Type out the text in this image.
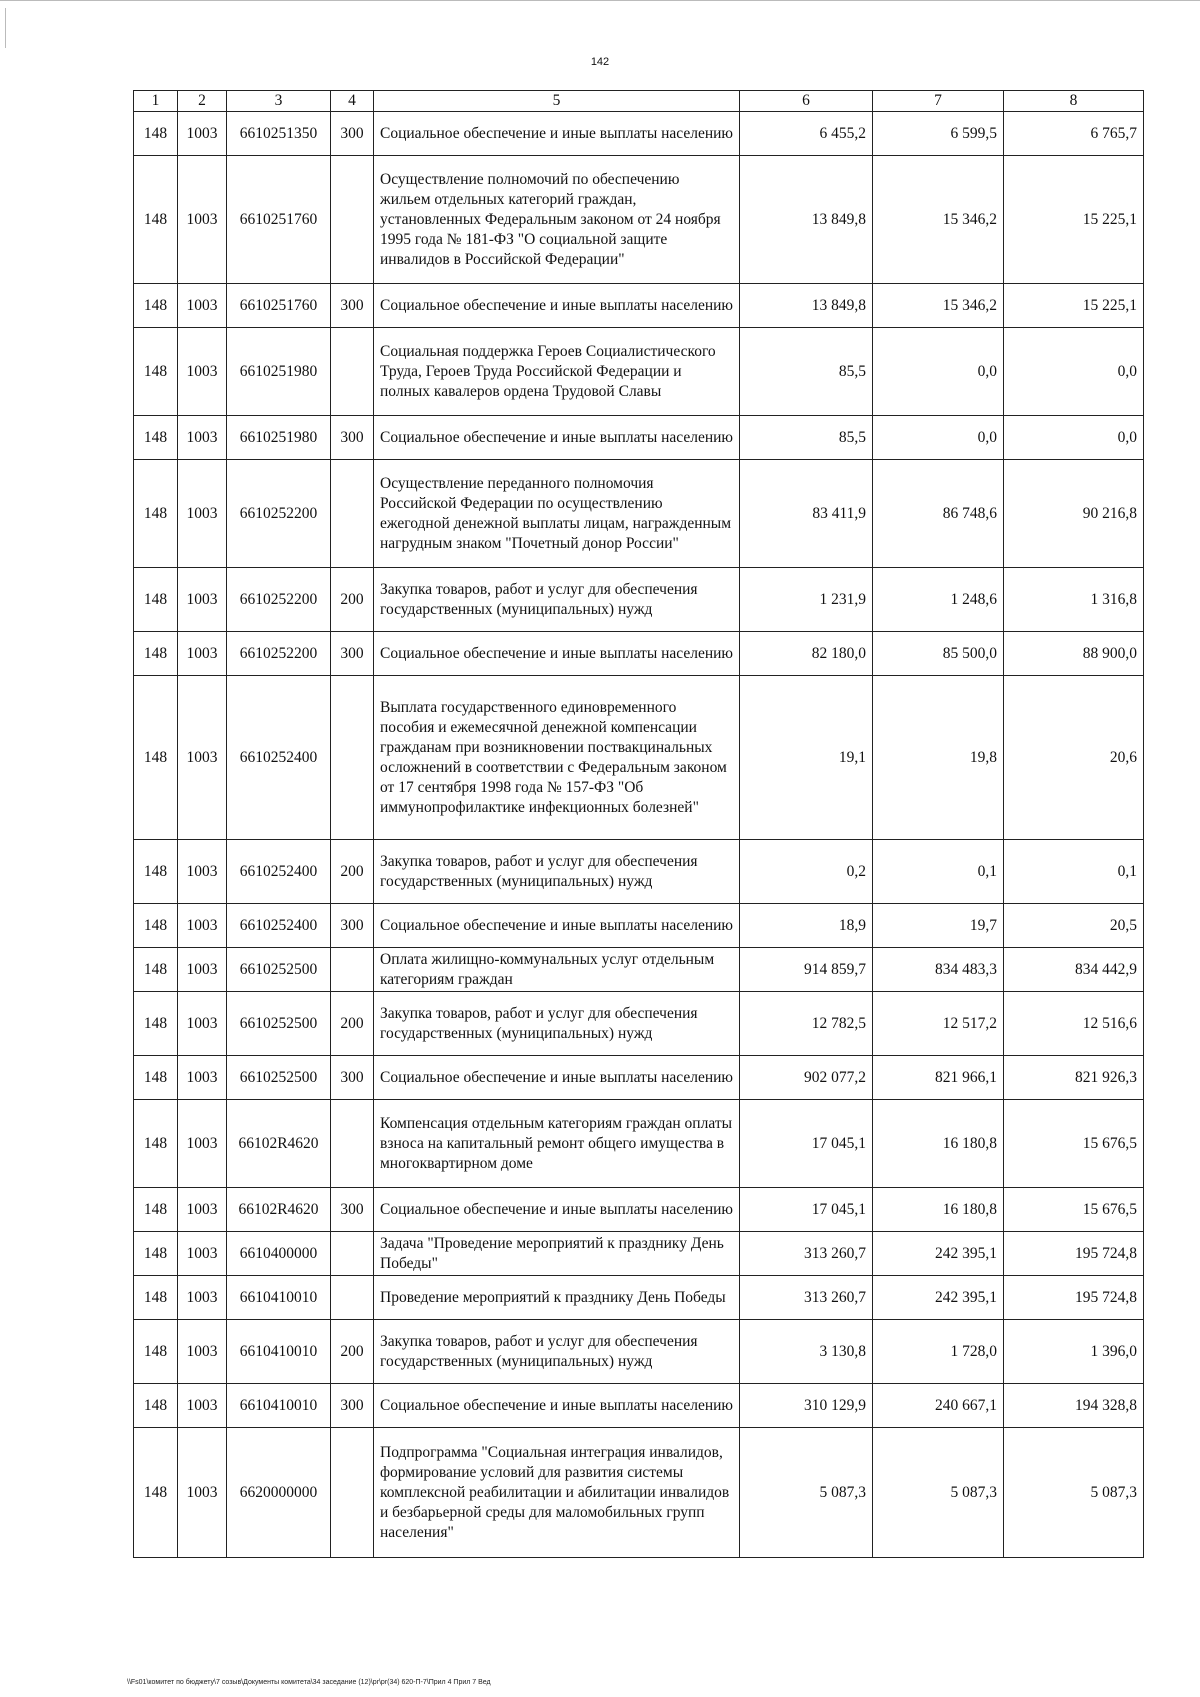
142
1	2	3	4	5	6	7	8
148	1003	6610251350	300	Социальное обеспечение и иные выплаты населению	6 455,2	6 599,5	6 765,7
148	1003	6610251760		Осуществление полномочий по обеспечению жильем отдельных категорий граждан, установленных Федеральным законом от 24 ноября 1995 года № 181-ФЗ "О социальной защите инвалидов в Российской Федерации"	13 849,8	15 346,2	15 225,1
148	1003	6610251760	300	Социальное обеспечение и иные выплаты населению	13 849,8	15 346,2	15 225,1
148	1003	6610251980		Социальная поддержка Героев Социалистического Труда, Героев Труда Российской Федерации и полных кавалеров ордена Трудовой Славы	85,5	0,0	0,0
148	1003	6610251980	300	Социальное обеспечение и иные выплаты населению	85,5	0,0	0,0
148	1003	6610252200		Осуществление переданного полномочия Российской Федерации по осуществлению ежегодной денежной выплаты лицам, награжденным нагрудным знаком "Почетный донор России"	83 411,9	86 748,6	90 216,8
148	1003	6610252200	200	Закупка товаров, работ и услуг для обеспечения государственных (муниципальных) нужд	1 231,9	1 248,6	1 316,8
148	1003	6610252200	300	Социальное обеспечение и иные выплаты населению	82 180,0	85 500,0	88 900,0
148	1003	6610252400		Выплата государственного единовременного пособия и ежемесячной денежной компенсации гражданам при возникновении поствакцинальных осложнений в соответствии с Федеральным законом от 17 сентября 1998 года № 157-ФЗ "Об иммунопрофилактике инфекционных болезней"	19,1	19,8	20,6
148	1003	6610252400	200	Закупка товаров, работ и услуг для обеспечения государственных (муниципальных) нужд	0,2	0,1	0,1
148	1003	6610252400	300	Социальное обеспечение и иные выплаты населению	18,9	19,7	20,5
148	1003	6610252500		Оплата жилищно-коммунальных услуг отдельным категориям граждан	914 859,7	834 483,3	834 442,9
148	1003	6610252500	200	Закупка товаров, работ и услуг для обеспечения государственных (муниципальных) нужд	12 782,5	12 517,2	12 516,6
148	1003	6610252500	300	Социальное обеспечение и иные выплаты населению	902 077,2	821 966,1	821 926,3
148	1003	66102R4620		Компенсация отдельным категориям граждан оплаты взноса на капитальный ремонт общего имущества в многоквартирном доме	17 045,1	16 180,8	15 676,5
148	1003	66102R4620	300	Социальное обеспечение и иные выплаты населению	17 045,1	16 180,8	15 676,5
148	1003	6610400000		Задача "Проведение мероприятий к празднику День Победы"	313 260,7	242 395,1	195 724,8
148	1003	6610410010		Проведение мероприятий к празднику День Победы	313 260,7	242 395,1	195 724,8
148	1003	6610410010	200	Закупка товаров, работ и услуг для обеспечения государственных (муниципальных) нужд	3 130,8	1 728,0	1 396,0
148	1003	6610410010	300	Социальное обеспечение и иные выплаты населению	310 129,9	240 667,1	194 328,8
148	1003	6620000000		Подпрограмма "Социальная интеграция инвалидов, формирование условий для развития системы комплексной реабилитации и абилитации инвалидов и безбарьерной среды для маломобильных групп населения"	5 087,3	5 087,3	5 087,3
\\Fs01\комитет по бюджету\7 созыв\Документы комитета\34 заседание (12)\pr\pr(34) 620-П-7\Прил 4 Прил 7 Вед
